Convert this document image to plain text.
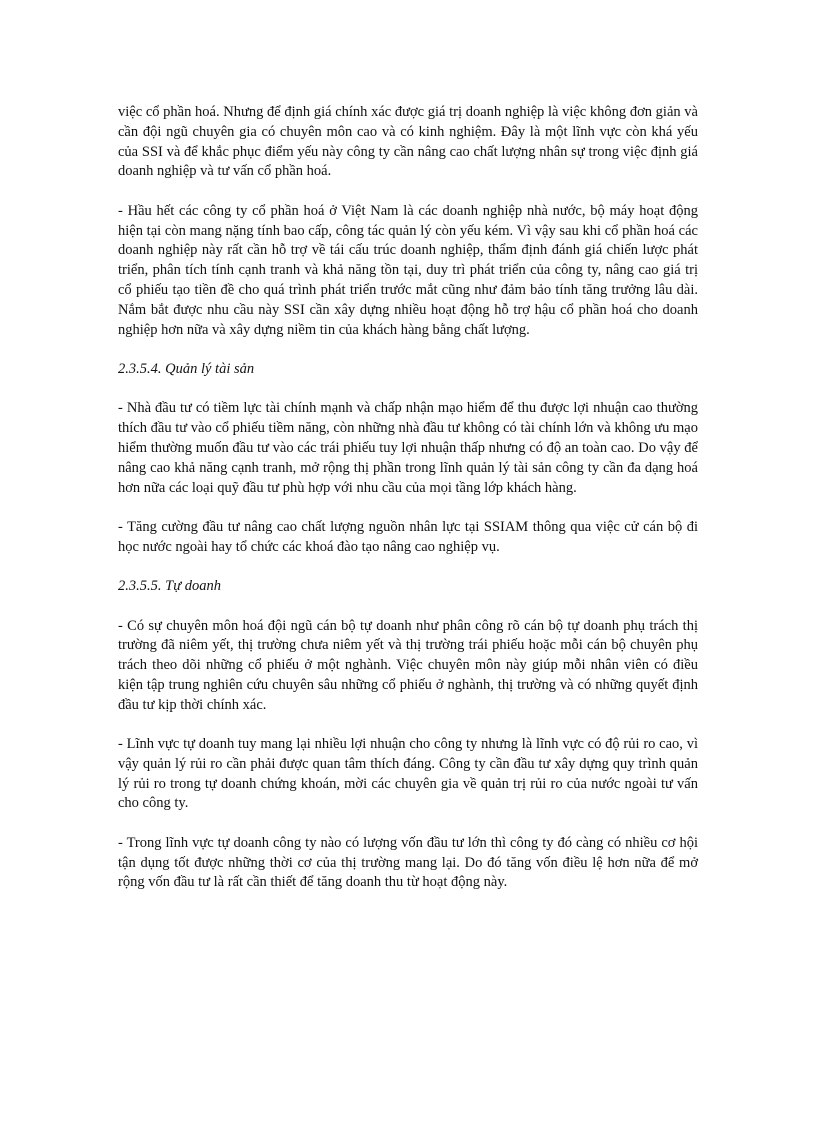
việc cổ phần hoá. Nhưng để định giá chính xác được giá trị doanh nghiệp là việc không đơn giản và cần đội ngũ chuyên gia có chuyên môn cao và có kinh nghiệm. Đây là một lĩnh vực còn khá yếu của SSI và để khắc phục điểm yếu này công ty cần nâng cao chất lượng nhân sự trong việc định giá doanh nghiệp và tư vấn cổ phần hoá.

- Hầu hết các công ty cổ phần hoá ở Việt Nam là các doanh nghiệp nhà nước, bộ máy hoạt động hiện tại còn mang nặng tính bao cấp, công tác quản lý còn yếu kém. Vì vậy sau khi cổ phần hoá các doanh nghiệp này rất cần hỗ trợ về tái cấu trúc doanh nghiệp, thẩm định đánh giá chiến lược phát triển, phân tích tính cạnh tranh và khả năng tồn tại, duy trì phát triển của công ty, nâng cao giá trị cổ phiếu tạo tiền đề cho quá trình phát triển trước mắt cũng như đảm bảo tính tăng trưởng lâu dài. Nắm bắt được nhu cầu này SSI cần xây dựng nhiều hoạt động hỗ trợ hậu cổ phần hoá cho doanh nghiệp hơn nữa và xây dựng niềm tin của khách hàng bằng chất lượng.

2.3.5.4. Quản lý tài sản

- Nhà đầu tư có tiềm lực tài chính mạnh và chấp nhận mạo hiểm để thu được lợi nhuận cao thường thích đầu tư vào cổ phiếu tiềm năng, còn những nhà đầu tư không có tài chính lớn và không ưu mạo hiểm thường muốn đầu tư vào các trái phiếu tuy lợi nhuận thấp nhưng có độ an toàn cao. Do vậy để nâng cao khả năng cạnh tranh, mở rộng thị phần trong lĩnh quản lý tài sản công ty cần đa dạng hoá hơn nữa các loại quỹ đầu tư phù hợp với nhu cầu của mọi tầng lớp khách hàng.

- Tăng cường đầu tư nâng cao chất lượng nguồn nhân lực tại SSIAM thông qua việc cử cán bộ đi học nước ngoài hay tổ chức các khoá đào tạo nâng cao nghiệp vụ.

2.3.5.5. Tự doanh

- Có sự chuyên môn hoá đội ngũ cán bộ tự doanh như phân công rõ cán bộ tự doanh phụ trách thị trường đã niêm yết, thị trường chưa niêm yết và thị trường trái phiếu hoặc mỗi cán bộ chuyên phụ trách theo dõi những cổ phiếu ở một nghành. Việc chuyên môn này giúp mỗi nhân viên có điều kiện tập trung nghiên cứu chuyên sâu những cổ phiếu ở nghành, thị trường và có những quyết định đầu tư kịp thời chính xác.

- Lĩnh vực tự doanh tuy mang lại nhiều lợi nhuận cho công ty nhưng là lĩnh vực có độ rủi ro cao, vì vậy quản lý rủi ro cần phải được quan tâm thích đáng. Công ty cần đầu tư xây dựng quy trình quản lý rủi ro trong tự doanh chứng khoán, mời các chuyên gia về quản trị rủi ro của nước ngoài tư vấn cho công ty.

- Trong lĩnh vực tự doanh công ty nào có lượng vốn đầu tư lớn thì công ty đó càng có nhiều cơ hội tận dụng tốt được những thời cơ của thị trường mang lại. Do đó tăng vốn điều lệ hơn nữa để mở rộng vốn đầu tư là rất cần thiết để tăng doanh thu từ hoạt động này.
